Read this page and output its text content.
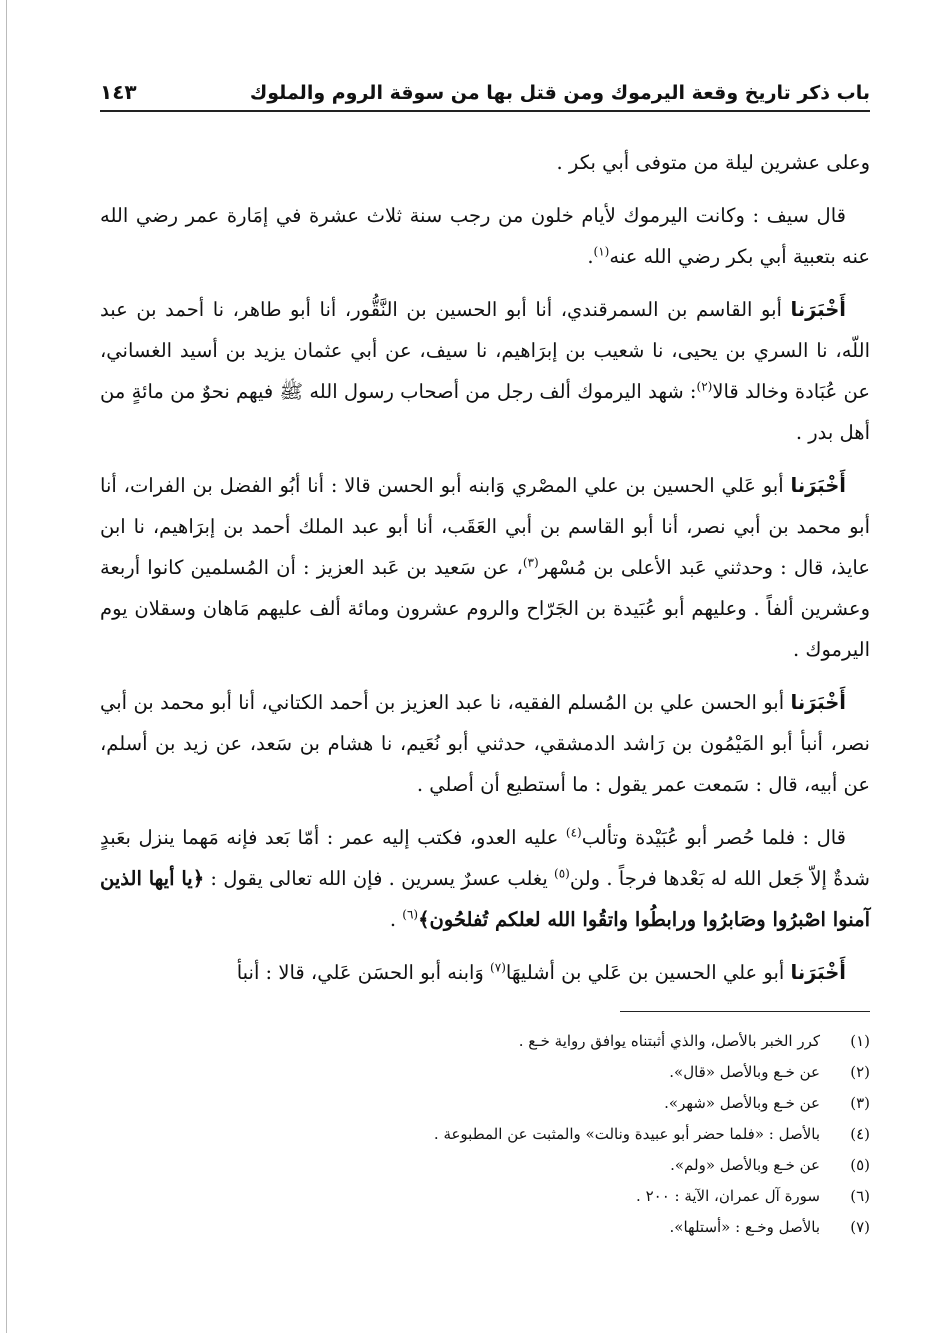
باب ذكر تاريخ وقعة اليرموك ومن قتل بها من سوقة الروم والملوك
١٤٣

وعلى عشرين ليلة من متوفى أبي بكر .

قال سيف : وكانت اليرموك لأيام خلون من رجب سنة ثلاث عشرة في إمَارة عمر رضي الله عنه بتعبية أبي بكر رضي الله عنه$^{(١)}$.

أَخْبَرَنا أبو القاسم بن السمرقندي، أنا أبو الحسين بن النَّقُّور، أنا أبو طاهر، نا أحمد بن عبد اللّه، نا السري بن يحيى، نا شعيب بن إبرَاهيم، نا سيف، عن أبي عثمان يزيد بن أسيد الغساني، عن عُبَادة وخالد قالا$^{(٢)}$: شهد اليرموك ألف رجل من أصحاب رسول الله ﷺ فيهم نحوٌ من مائةٍ من أهل بدر .

أَخْبَرَنا أبو عَلي الحسين بن علي المصْري وَابنه أبو الحسن قالا : أنا أبُو الفضل بن الفرات، أنا أبو محمد بن أبي نصر، أنا أبو القاسم بن أبي العَقَب، أنا أبو عبد الملك أحمد بن إبرَاهيم، نا ابن عايذ، قال : وحدثني عَبد الأعلى بن مُسْهر$^{(٣)}$، عن سَعيد بن عَبد العزيز : أن المُسلمين كانوا أربعة وعشرين ألفاً . وعليهم أبو عُبَيدة بن الجَرّاح والروم عشرون ومائة ألف عليهم مَاهان وسقلان يوم اليرموك .

أَخْبَرَنا أبو الحسن علي بن المُسلم الفقيه، نا عبد العزيز بن أحمد الكتاني، أنا أبو محمد بن أبي نصر، أنبأ أبو المَيْمُون بن رَاشد الدمشقي، حدثني أبو نُعَيم، نا هشام بن سَعد، عن زيد بن أسلم، عن أبيه، قال : سَمعت عمر يقول : ما أستطيع أن أصلي .

قال : فلما حُصر أبو عُبَيْدة وتألب$^{(٤)}$ عليه العدو، فكتب إليه عمر : أمّا بَعد فإنه مَهما ينزل بعَبدٍ شدةٌ إلاّ جَعل الله له بَعْدها فرجاً . ولن$^{(٥)}$ يغلب عسرٌ يسرين . فإن الله تعالى يقول : ﴿يا أيها الذين آمنوا اصْبرُوا وصَابرُوا ورابطُوا واتقُوا الله لعلكم تُفلحُون﴾$^{(٦)}$ .

أَخْبَرَنا أبو علي الحسين بن عَلي بن أشليهَا$^{(٧)}$ وَابنه أبو الحسَن عَلي، قالا : أنبأ

(١)
كرر الخبر بالأصل، والذي أثبتناه يوافق رواية خـع .
(٢)
عن خـع وبالأصل «قال».
(٣)
عن خـع وبالأصل «شهر».
(٤)
بالأصل : «فلما حضر أبو عبيدة ونالت» والمثبت عن المطبوعة .
(٥)
عن خـع وبالأصل «ولم».
(٦)
سورة آل عمران، الآية : ٢٠٠ .
(٧)
بالأصل وخـع : «أستلها».
